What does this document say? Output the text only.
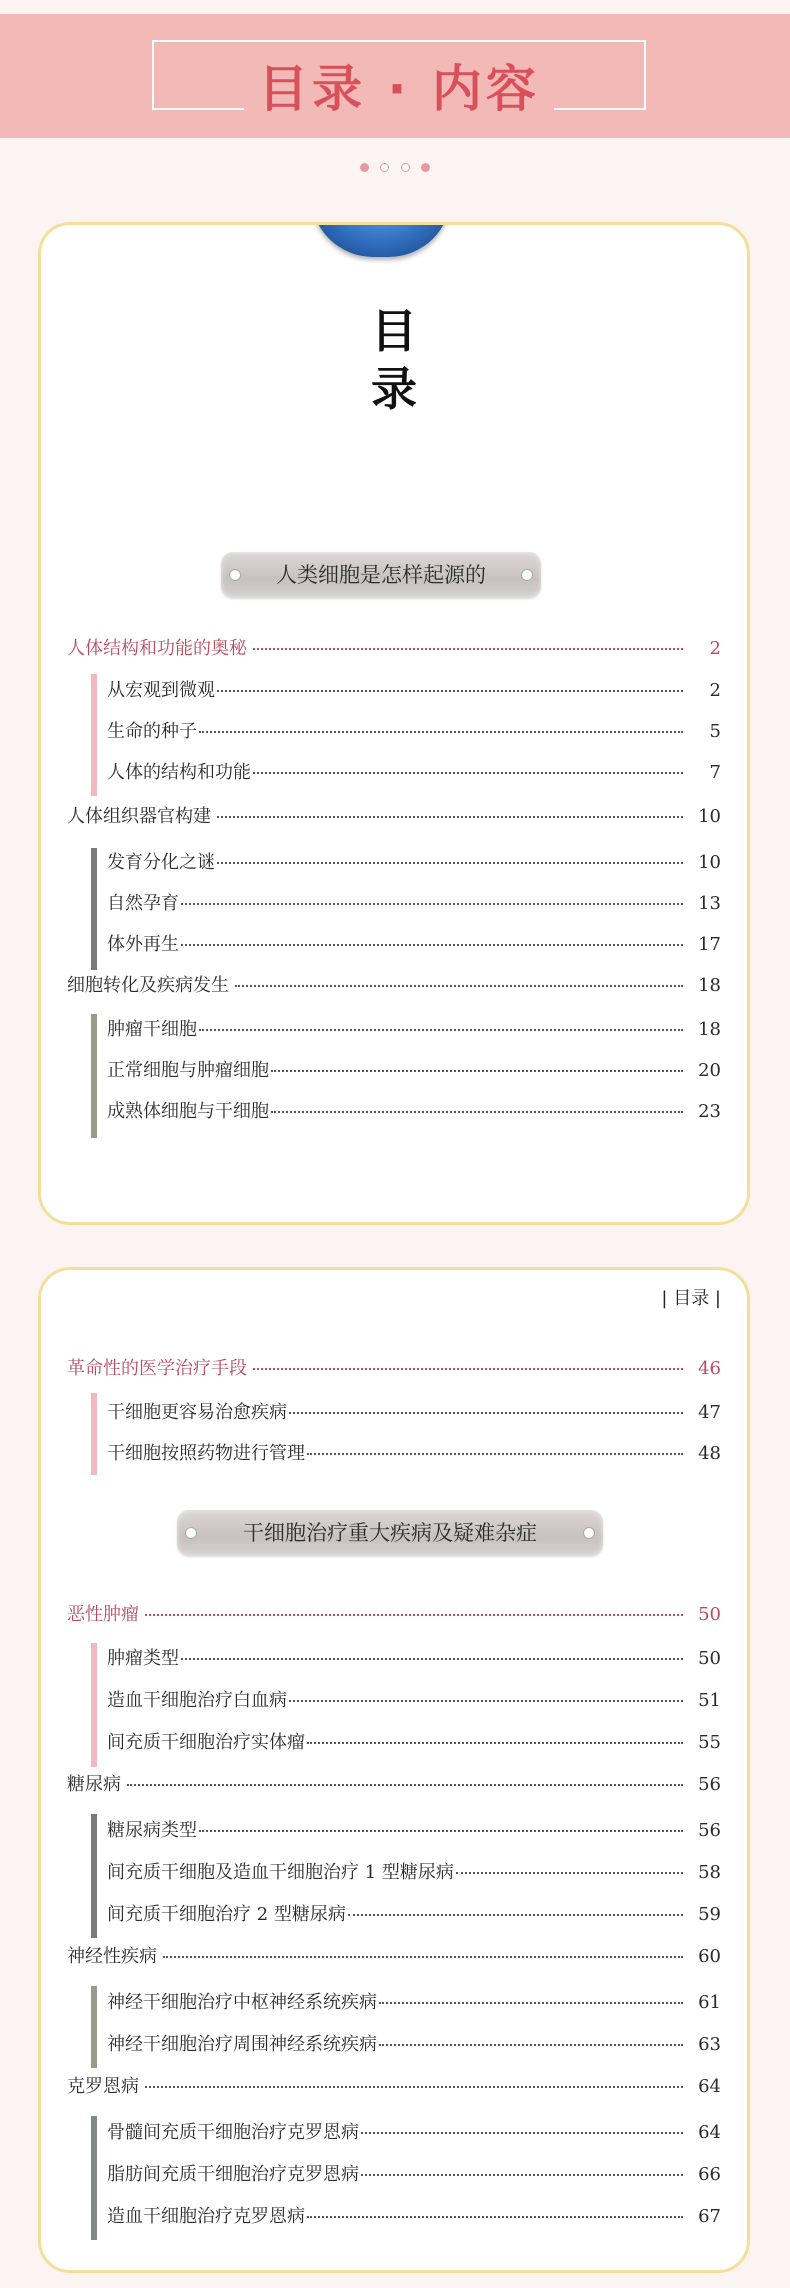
目录 · 内容

目
录
人类细胞是怎样起源的
人体结构和功能的奥秘	2
从宏观到微观	2
生命的种子	5
人体的结构和功能	7
人体组织器官构建	10
发育分化之谜	10
自然孕育	13
体外再生	17
细胞转化及疾病发生	18
肿瘤干细胞	18
正常细胞与肿瘤细胞	20
成熟体细胞与干细胞	23
| 目录 |
革命性的医学治疗手段	46
干细胞更容易治愈疾病	47
干细胞按照药物进行管理	48
干细胞治疗重大疾病及疑难杂症
恶性肿瘤	50
肿瘤类型	50
造血干细胞治疗白血病	51
间充质干细胞治疗实体瘤	55
糖尿病	56
糖尿病类型	56
间充质干细胞及造血干细胞治疗 1 型糖尿病	58
间充质干细胞治疗 2 型糖尿病	59
神经性疾病	60
神经干细胞治疗中枢神经系统疾病	61
神经干细胞治疗周围神经系统疾病	63
克罗恩病	64
骨髓间充质干细胞治疗克罗恩病	64
脂肪间充质干细胞治疗克罗恩病	66
造血干细胞治疗克罗恩病	67
